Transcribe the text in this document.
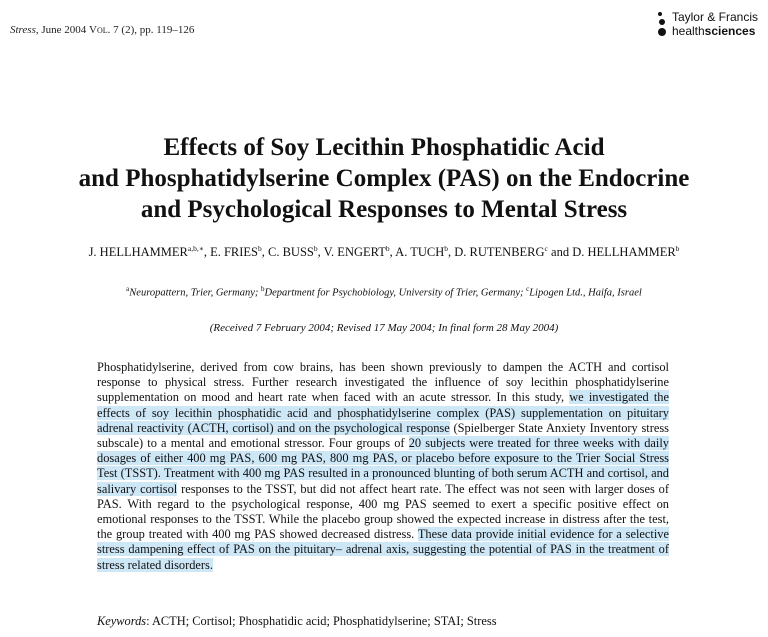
Stress, June 2004 Vol. 7 (2), pp. 119–126
Taylor & Francis
healthsciences
Effects of Soy Lecithin Phosphatidic Acid
and Phosphatidylserine Complex (PAS) on the Endocrine
and Psychological Responses to Mental Stress
J. $HELLHAMMER^{a,b,∗}$, E. FRIES$^b$, C. BUSS$^b$, V. ENGERT$^b$, A. TUCH$^b$, D. RUTENBERG$^c$ and D. HELLHAMMER$^b$
$^a$Neuropattern, Trier, Germany; $^b$Department for Psychobiology, University of Trier, Germany; $^c$Lipogen Ltd., Haifa, Israel
(Received 7 February 2004; Revised 17 May 2004; In final form 28 May 2004)

Phosphatidylserine, derived from cow brains, has been shown previously to dampen the ACTH and cortisol response to physical stress. Further research investigated the influence of soy lecithin phosphatidylserine supplementation on mood and heart rate when faced with an acute stressor. In this study, we investigated the effects of soy lecithin phosphatidic acid and phosphatidylserine complex (PAS) supplementation on pituitary adrenal reactivity (ACTH, cortisol) and on the psychological response (Spielberger State Anxiety Inventory stress subscale) to a mental and emotional stressor. Four groups of 20 subjects were treated for three weeks with daily dosages of either 400 mg PAS, 600 mg PAS, 800 mg PAS, or placebo before exposure to the Trier Social Stress Test (TSST). Treatment with 400 mg PAS resulted in a pronounced blunting of both serum ACTH and cortisol, and salivary cortisol responses to the TSST, but did not affect heart rate. The effect was not seen with larger doses of PAS. With regard to the psychological response, 400 mg PAS seemed to exert a specific positive effect on emotional responses to the TSST. While the placebo group showed the expected increase in distress after the test, the group treated with 400 mg PAS showed decreased distress. These data provide initial evidence for a selective stress dampening effect of PAS on the pituitary– adrenal axis, suggesting the potential of PAS in the treatment of stress related disorders.

Keywords: ACTH; Cortisol; Phosphatidic acid; Phosphatidylserine; STAI; Stress
